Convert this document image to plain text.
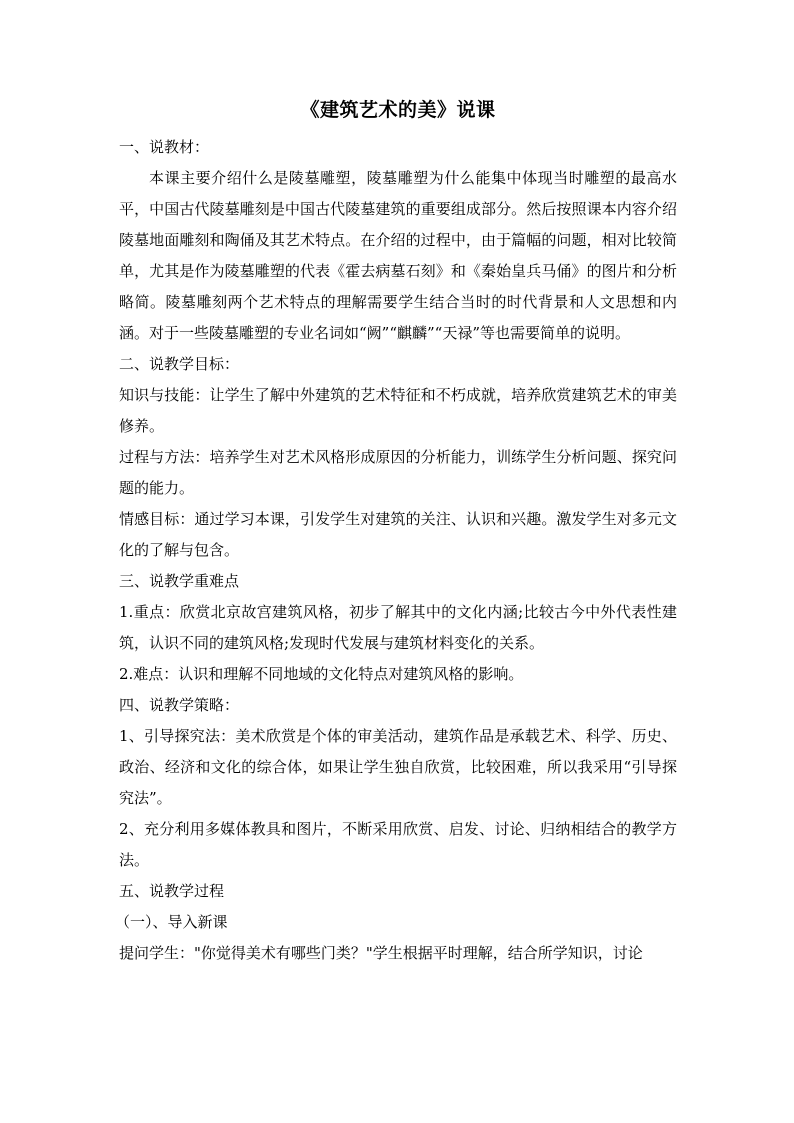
《建筑艺术的美》说课

一、说教材：

本课主要介绍什么是陵墓雕塑，陵墓雕塑为什么能集中体现当时雕塑的最高水平，中国古代陵墓雕刻是中国古代陵墓建筑的重要组成部分。然后按照课本内容介绍陵墓地面雕刻和陶俑及其艺术特点。在介绍的过程中，由于篇幅的问题，相对比较简单，尤其是作为陵墓雕塑的代表《霍去病墓石刻》和《秦始皇兵马俑》的图片和分析略简。陵墓雕刻两个艺术特点的理解需要学生结合当时的时代背景和人文思想和内涵。对于一些陵墓雕塑的专业名词如“阙”“麒麟”“天禄”等也需要简单的说明。

二、说教学目标：

知识与技能：让学生了解中外建筑的艺术特征和不朽成就，培养欣赏建筑艺术的审美修养。

过程与方法：培养学生对艺术风格形成原因的分析能力，训练学生分析问题、探究问题的能力。

情感目标：通过学习本课，引发学生对建筑的关注、认识和兴趣。激发学生对多元文化的了解与包含。

三、说教学重难点

1.重点：欣赏北京故宫建筑风格，初步了解其中的文化内涵;比较古今中外代表性建筑，认识不同的建筑风格;发现时代发展与建筑材料变化的关系。

2.难点：认识和理解不同地域的文化特点对建筑风格的影响。

四、说教学策略：

1、引导探究法：美术欣赏是个体的审美活动，建筑作品是承载艺术、科学、历史、政治、经济和文化的综合体，如果让学生独自欣赏，比较困难，所以我采用“引导探究法”。

2、充分利用多媒体教具和图片，不断采用欣赏、启发、讨论、归纳相结合的教学方法。

五、说教学过程

（一）、导入新课

提问学生："你觉得美术有哪些门类？"学生根据平时理解，结合所学知识，讨论
